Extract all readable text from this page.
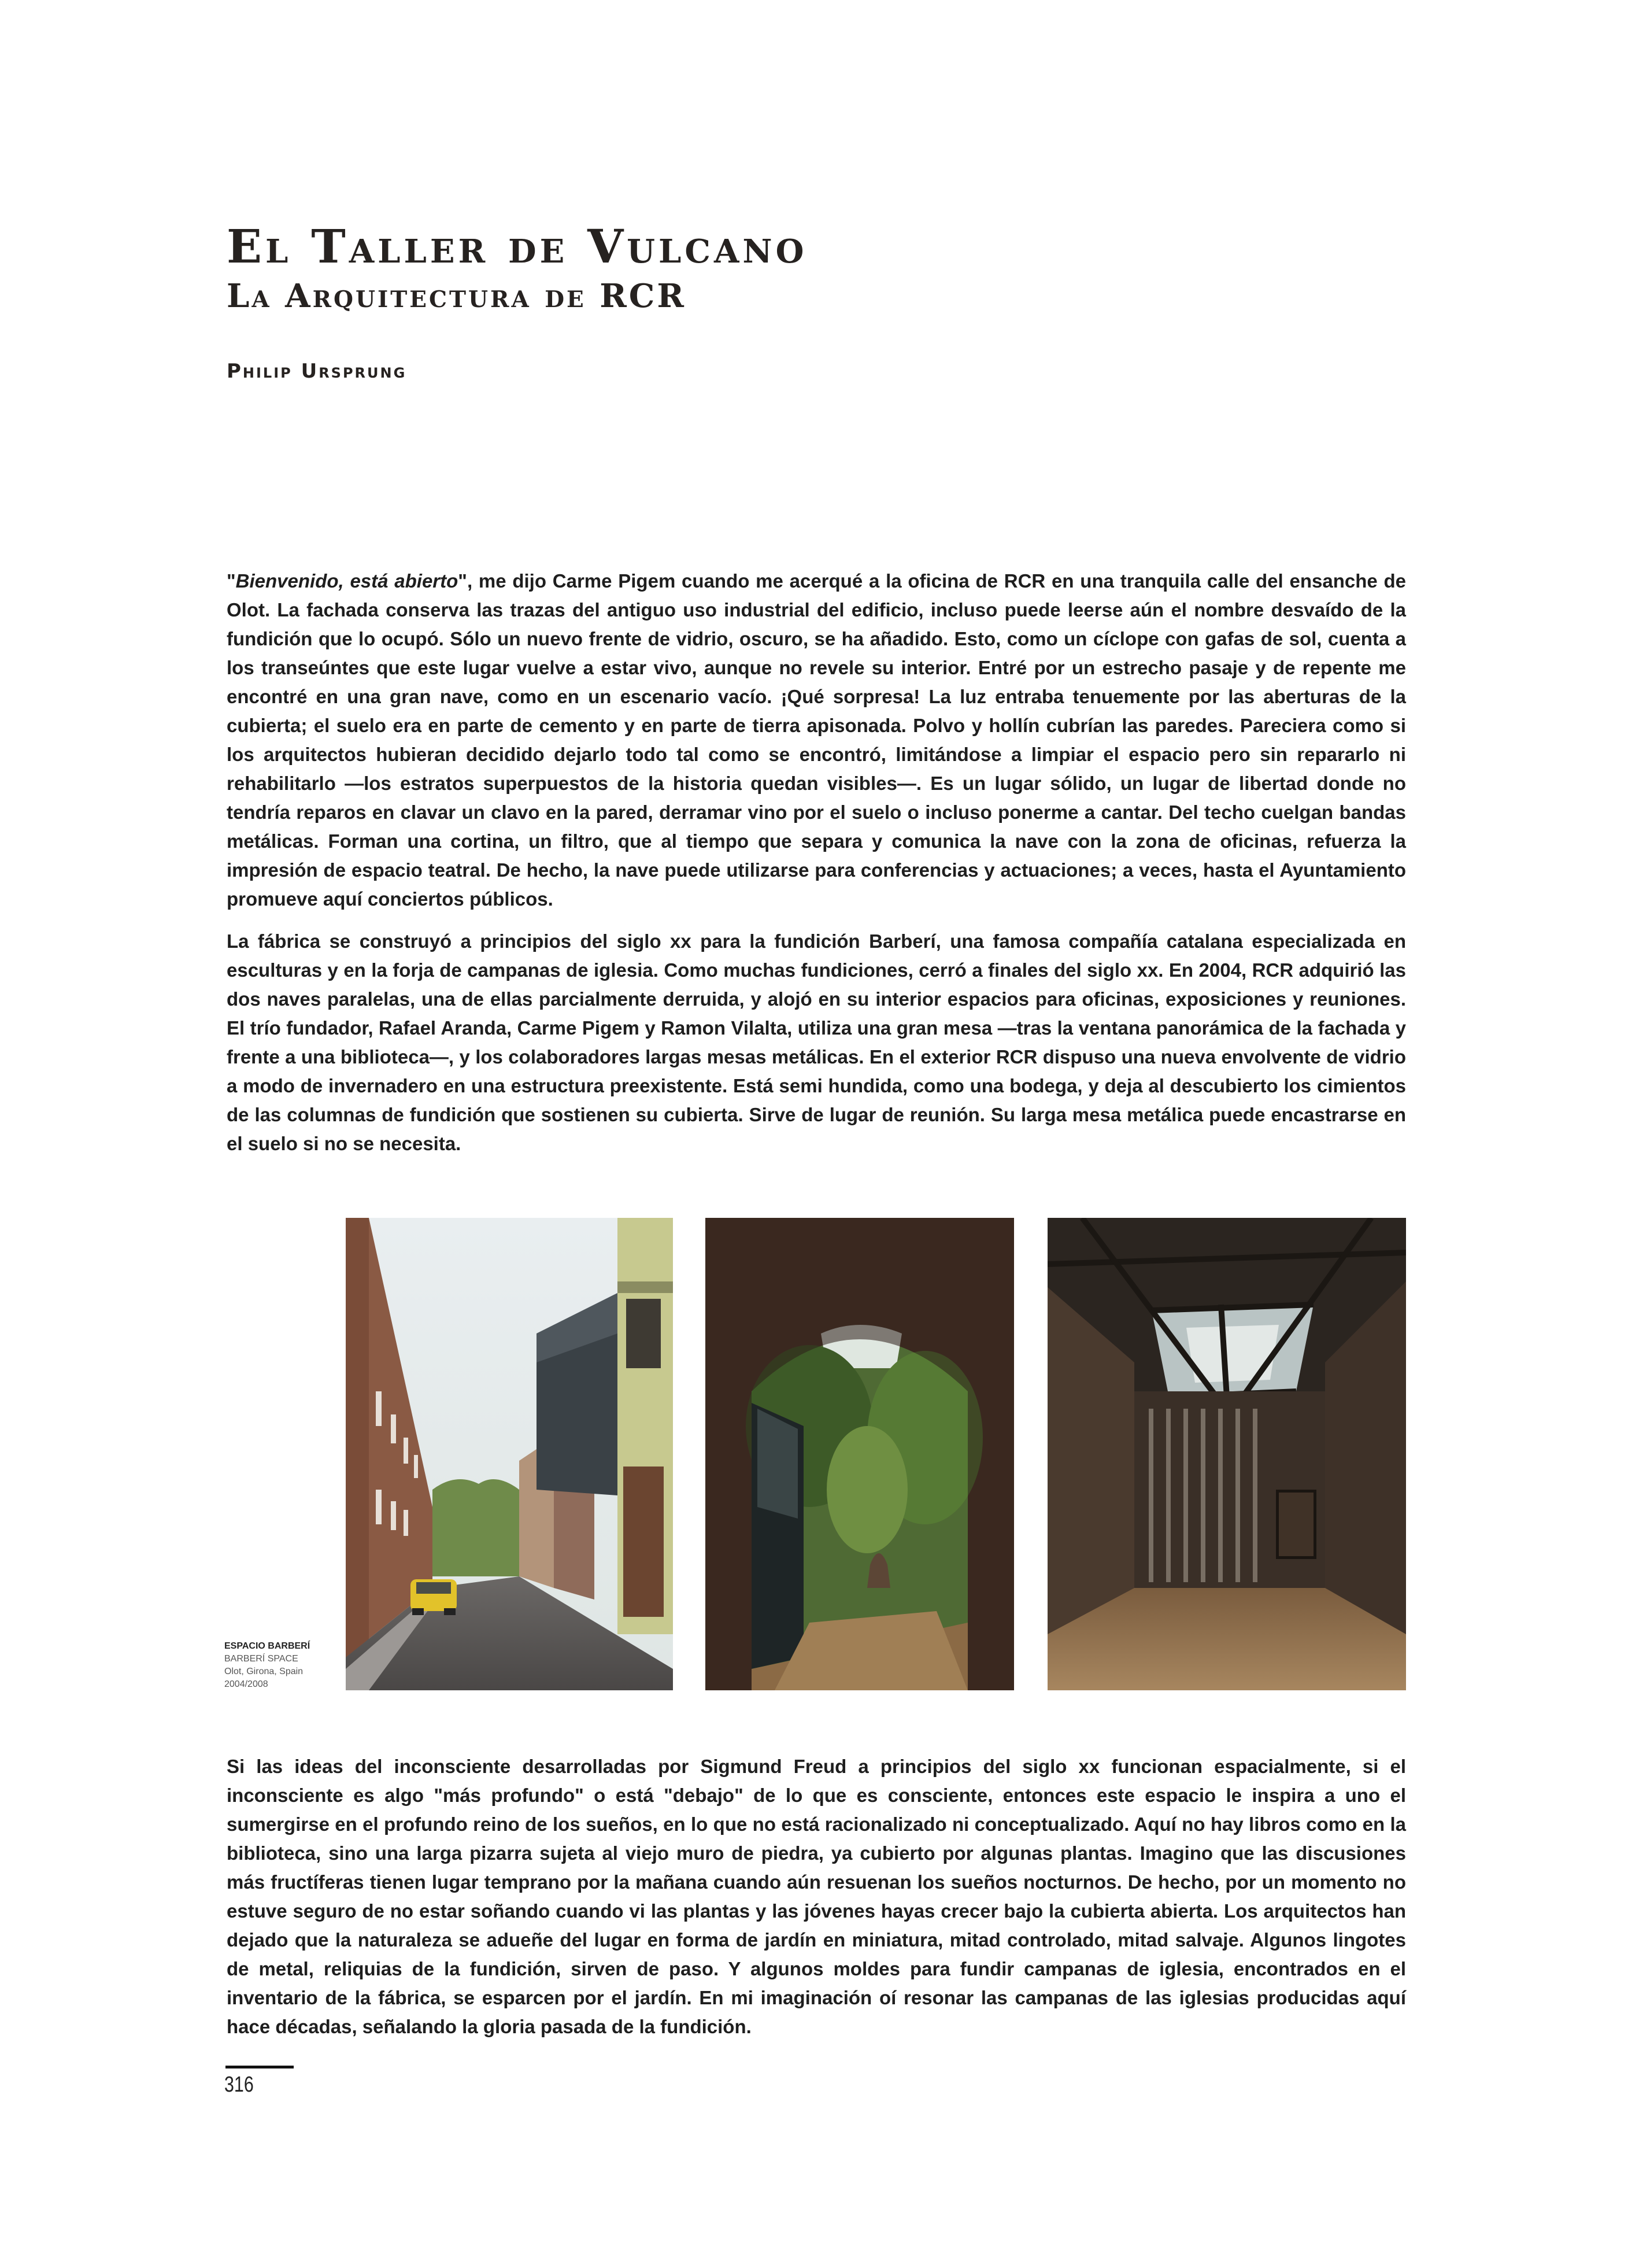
El Taller de Vulcano
La Arquitectura de RCR
Philip Ursprung

"Bienvenido, está abierto", me dijo Carme Pigem cuando me acerqué a la oficina de RCR en una tranquila calle del ensanche de Olot. La fachada conserva las trazas del antiguo uso industrial del edificio, incluso puede leerse aún el nombre desvaído de la fundición que lo ocupó. Sólo un nuevo frente de vidrio, oscuro, se ha añadido. Esto, como un cíclope con gafas de sol, cuenta a los transeúntes que este lugar vuelve a estar vivo, aunque no revele su interior. Entré por un estrecho pasaje y de repente me encontré en una gran nave, como en un escenario vacío. ¡Qué sorpresa! La luz entraba tenuemente por las aberturas de la cubierta; el suelo era en parte de cemento y en parte de tierra apisonada. Polvo y hollín cubrían las paredes. Pareciera como si los arquitectos hubieran decidido dejarlo todo tal como se encontró, limitándose a limpiar el espacio pero sin repararlo ni rehabilitarlo —los estratos superpuestos de la historia quedan visibles—. Es un lugar sólido, un lugar de libertad donde no tendría reparos en clavar un clavo en la pared, derramar vino por el suelo o incluso ponerme a cantar. Del techo cuelgan bandas metálicas. Forman una cortina, un filtro, que al tiempo que separa y comunica la nave con la zona de oficinas, refuerza la impresión de espacio teatral. De hecho, la nave puede utilizarse para conferencias y actuaciones; a veces, hasta el Ayuntamiento promueve aquí conciertos públicos.

La fábrica se construyó a principios del siglo xx para la fundición Barberí, una famosa compañía catalana especializada en esculturas y en la forja de campanas de iglesia. Como muchas fundiciones, cerró a finales del siglo xx. En 2004, RCR adquirió las dos naves paralelas, una de ellas parcialmente derruida, y alojó en su interior espacios para oficinas, exposiciones y reuniones. El trío fundador, Rafael Aranda, Carme Pigem y Ramon Vilalta, utiliza una gran mesa —tras la ventana panorámica de la fachada y frente a una biblioteca—, y los colaboradores largas mesas metálicas. En el exterior RCR dispuso una nueva envolvente de vidrio a modo de invernadero en una estructura preexistente. Está semi hundida, como una bodega, y deja al descubierto los cimientos de las columnas de fundición que sostienen su cubierta. Sirve de lugar de reunión. Su larga mesa metálica puede encastrarse en el suelo si no se necesita.

ESPACIO BARBERÍ
BARBERÍ SPACE
Olot, Girona, Spain
2004/2008

Si las ideas del inconsciente desarrolladas por Sigmund Freud a principios del siglo xx funcionan espacialmente, si el inconsciente es algo "más profundo" o está "debajo" de lo que es consciente, entonces este espacio le inspira a uno el sumergirse en el profundo reino de los sueños, en lo que no está racionalizado ni conceptualizado. Aquí no hay libros como en la biblioteca, sino una larga pizarra sujeta al viejo muro de piedra, ya cubierto por algunas plantas. Imagino que las discusiones más fructíferas tienen lugar temprano por la mañana cuando aún resuenan los sueños nocturnos. De hecho, por un momento no estuve seguro de no estar soñando cuando vi las plantas y las jóvenes hayas crecer bajo la cubierta abierta. Los arquitectos han dejado que la naturaleza se adueñe del lugar en forma de jardín en miniatura, mitad controlado, mitad salvaje. Algunos lingotes de metal, reliquias de la fundición, sirven de paso. Y algunos moldes para fundir campanas de iglesia, encontrados en el inventario de la fábrica, se esparcen por el jardín. En mi imaginación oí resonar las campanas de las iglesias producidas aquí hace décadas, señalando la gloria pasada de la fundición.

316
